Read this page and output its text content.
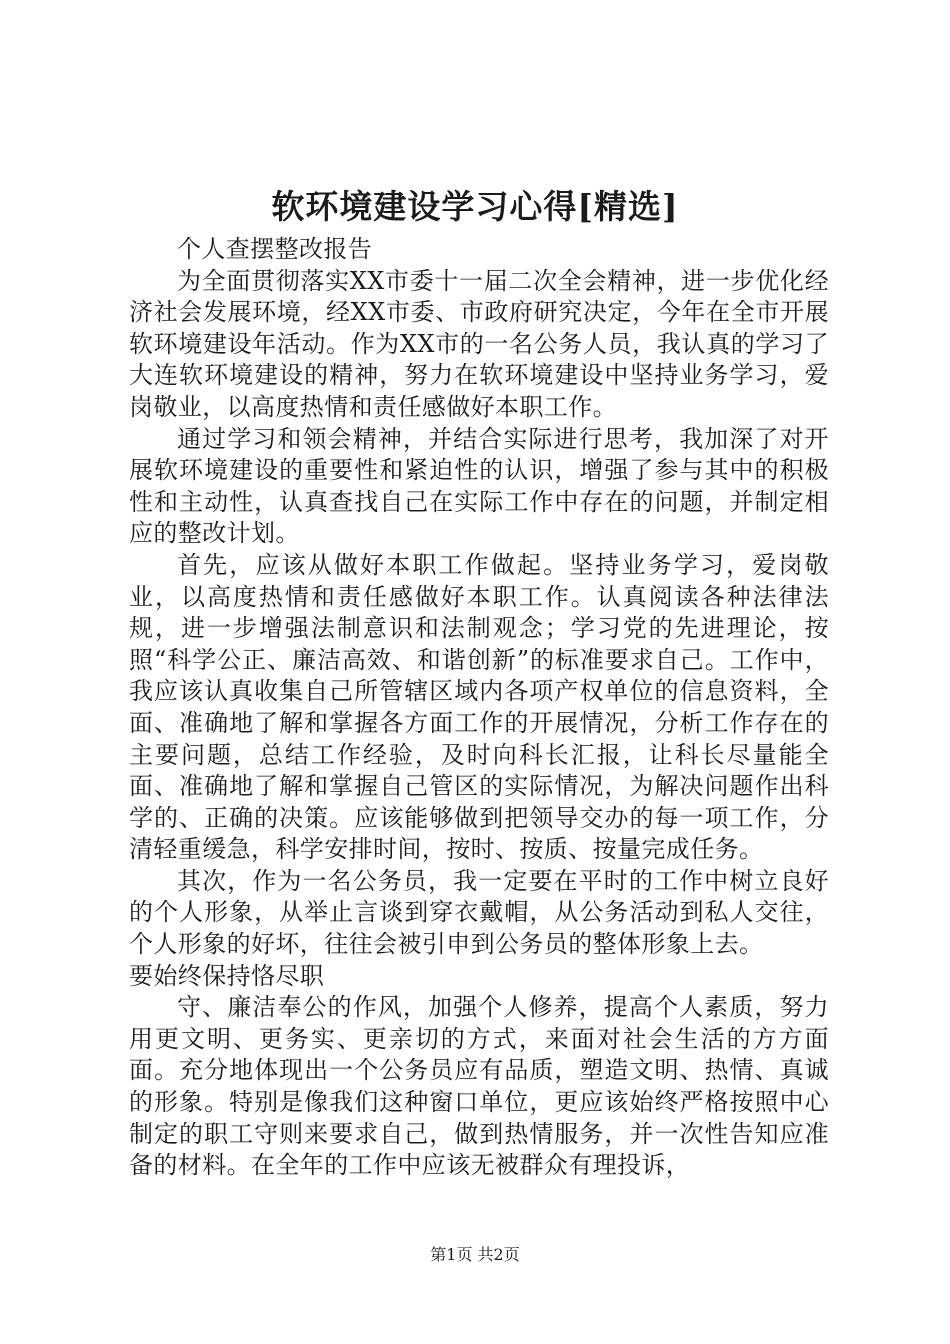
软环境建设学习心得[精选]

个人查摆整改报告

为全面贯彻落实XX市委十一届二次全会精神，进一步优化经济社会发展环境，经XX市委、市政府研究决定，今年在全市开展软环境建设年活动。作为XX市的一名公务人员，我认真的学习了大连软环境建设的精神，努力在软环境建设中坚持业务学习，爱岗敬业，以高度热情和责任感做好本职工作。

通过学习和领会精神，并结合实际进行思考，我加深了对开展软环境建设的重要性和紧迫性的认识，增强了参与其中的积极性和主动性，认真查找自己在实际工作中存在的问题，并制定相应的整改计划。

首先，应该从做好本职工作做起。坚持业务学习，爱岗敬业，以高度热情和责任感做好本职工作。认真阅读各种法律法规，进一步增强法制意识和法制观念；学习党的先进理论，按照“科学公正、廉洁高效、和谐创新”的标准要求自己。工作中，我应该认真收集自己所管辖区域内各项产权单位的信息资料，全面、准确地了解和掌握各方面工作的开展情况，分析工作存在的主要问题，总结工作经验，及时向科长汇报，让科长尽量能全面、准确地了解和掌握自己管区的实际情况，为解决问题作出科学的、正确的决策。应该能够做到把领导交办的每一项工作，分清轻重缓急，科学安排时间，按时、按质、按量完成任务。

其次，作为一名公务员，我一定要在平时的工作中树立良好的个人形象，从举止言谈到穿衣戴帽，从公务活动到私人交往，个人形象的好坏，往往会被引申到公务员的整体形象上去。

要始终保持恪尽职

守、廉洁奉公的作风，加强个人修养，提高个人素质，努力用更文明、更务实、更亲切的方式，来面对社会生活的方方面面。充分地体现出一个公务员应有品质，塑造文明、热情、真诚的形象。特别是像我们这种窗口单位，更应该始终严格按照中心制定的职工守则来要求自己，做到热情服务，并一次性告知应准备的材料。在全年的工作中应该无被群众有理投诉，

第1页 共2页
